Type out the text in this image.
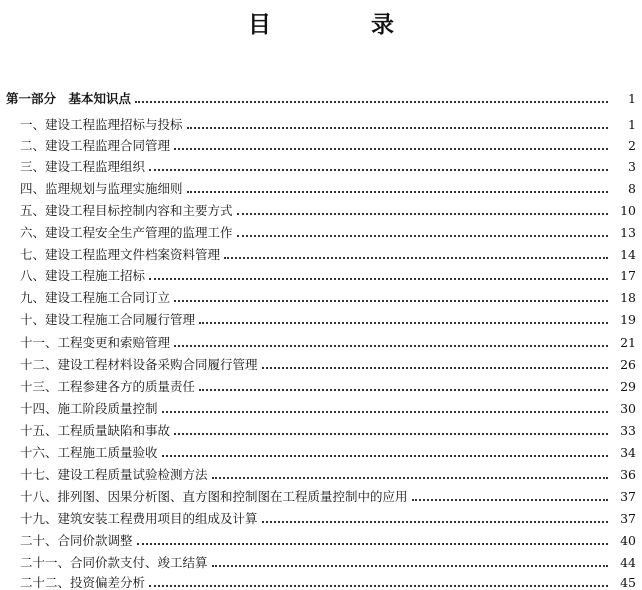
目 录
第一部分　基本知识点	1
一、建设工程监理招标与投标	1
二、建设工程监理合同管理	2
三、建设工程监理组织	3
四、监理规划与监理实施细则	8
五、建设工程目标控制内容和主要方式	10
六、建设工程安全生产管理的监理工作	13
七、建设工程监理文件档案资料管理	14
八、建设工程施工招标	17
九、建设工程施工合同订立	18
十、建设工程施工合同履行管理	19
十一、工程变更和索赔管理	21
十二、建设工程材料设备采购合同履行管理	26
十三、工程参建各方的质量责任	29
十四、施工阶段质量控制	30
十五、工程质量缺陷和事故	33
十六、工程施工质量验收	34
十七、建设工程质量试验检测方法	36
十八、排列图、因果分析图、直方图和控制图在工程质量控制中的应用	37
十九、建筑安装工程费用项目的组成及计算	37
二十、合同价款调整	40
二十一、合同价款支付、竣工结算	44
二十二、投资偏差分析	45
